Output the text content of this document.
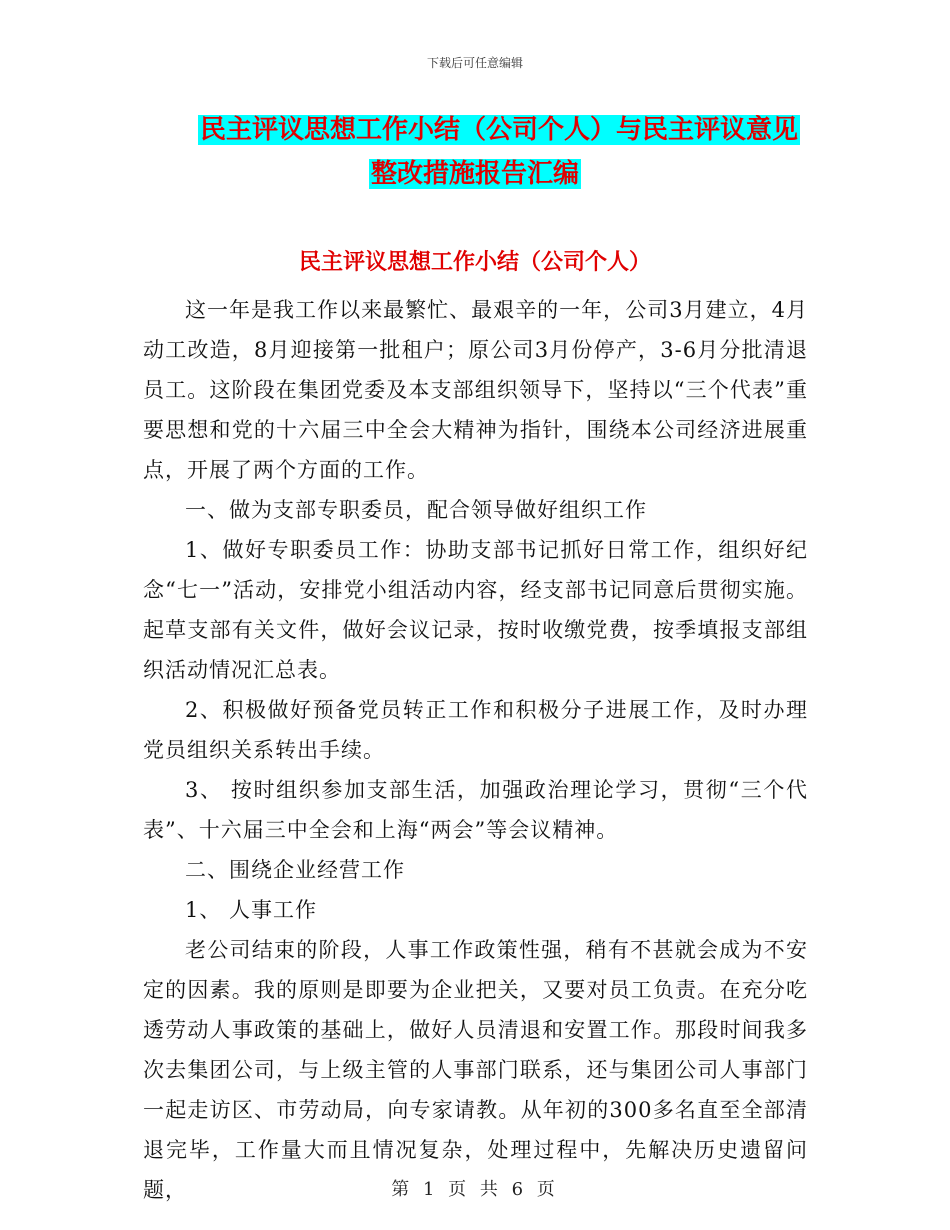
下载后可任意编辑
民主评议思想工作小结（公司个人）与民主评议意见
整改措施报告汇编
民主评议思想工作小结（公司个人）

这一年是我工作以来最繁忙、最艰辛的一年，公司3月建立，4月动工改造，8月迎接第一批租户；原公司3月份停产，3-6月分批清退员工。这阶段在集团党委及本支部组织领导下，坚持以“三个代表”重要思想和党的十六届三中全会大精神为指针，围绕本公司经济进展重点，开展了两个方面的工作。

一、做为支部专职委员，配合领导做好组织工作

1、做好专职委员工作：协助支部书记抓好日常工作，组织好纪念“七一”活动，安排党小组活动内容，经支部书记同意后贯彻实施。起草支部有关文件，做好会议记录，按时收缴党费，按季填报支部组织活动情况汇总表。

2、积极做好预备党员转正工作和积极分子进展工作，及时办理党员组织关系转出手续。

3、 按时组织参加支部生活，加强政治理论学习，贯彻“三个代表”、十六届三中全会和上海“两会”等会议精神。

二、围绕企业经营工作

1、 人事工作

老公司结束的阶段，人事工作政策性强，稍有不甚就会成为不安定的因素。我的原则是即要为企业把关，又要对员工负责。在充分吃透劳动人事政策的基础上，做好人员清退和安置工作。那段时间我多次去集团公司，与上级主管的人事部门联系，还与集团公司人事部门一起走访区、市劳动局，向专家请教。从年初的300多名直至全部清退完毕，工作量大而且情况复杂，处理过程中，先解决历史遗留问题，	第 1 页 共 6 页
